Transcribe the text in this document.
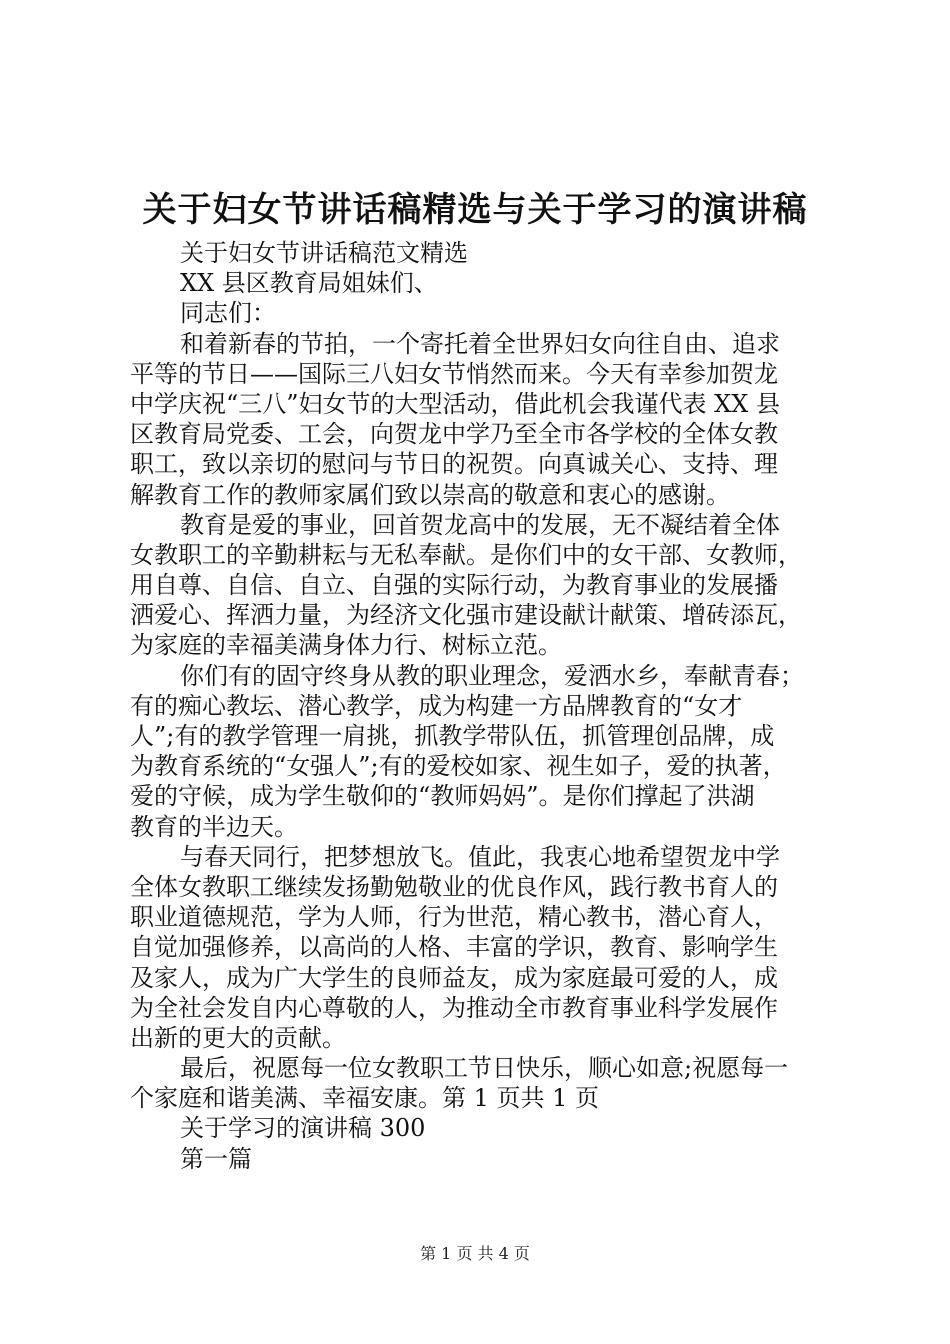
关于妇女节讲话稿精选与关于学习的演讲稿
关于妇女节讲话稿范文精选
XX 县区教育局姐妹们、
同志们：
和着新春的节拍，一个寄托着全世界妇女向往自由、追求
平等的节日——国际三八妇女节悄然而来。今天有幸参加贺龙
中学庆祝“三八”妇女节的大型活动，借此机会我谨代表 XX 县
区教育局党委、工会，向贺龙中学乃至全市各学校的全体女教
职工，致以亲切的慰问与节日的祝贺。向真诚关心、支持、理
解教育工作的教师家属们致以崇高的敬意和衷心的感谢。
教育是爱的事业，回首贺龙高中的发展，无不凝结着全体
女教职工的辛勤耕耘与无私奉献。是你们中的女干部、女教师，
用自尊、自信、自立、自强的实际行动，为教育事业的发展播
洒爱心、挥洒力量，为经济文化强市建设献计献策、增砖添瓦，
为家庭的幸福美满身体力行、树标立范。
你们有的固守终身从教的职业理念，爱洒水乡，奉献青春；
有的痴心教坛、潜心教学，成为构建一方品牌教育的“女才
人”;有的教学管理一肩挑，抓教学带队伍，抓管理创品牌，成
为教育系统的“女强人”;有的爱校如家、视生如子，爱的执著，
爱的守候，成为学生敬仰的“教师妈妈”。是你们撑起了洪湖
教育的半边天。
与春天同行，把梦想放飞。值此，我衷心地希望贺龙中学
全体女教职工继续发扬勤勉敬业的优良作风，践行教书育人的
职业道德规范，学为人师，行为世范，精心教书，潜心育人，
自觉加强修养，以高尚的人格、丰富的学识，教育、影响学生
及家人，成为广大学生的良师益友，成为家庭最可爱的人，成
为全社会发自内心尊敬的人，为推动全市教育事业科学发展作
出新的更大的贡献。
最后，祝愿每一位女教职工节日快乐，顺心如意;祝愿每一
个家庭和谐美满、幸福安康。第 1 页共 1 页
关于学习的演讲稿 300
第一篇
第 1 页 共 4 页
